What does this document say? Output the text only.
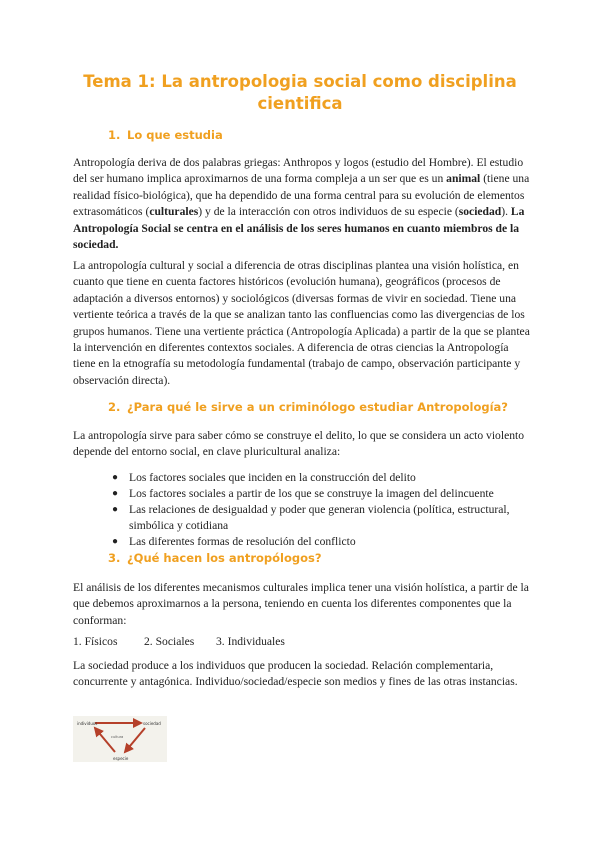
Tema 1: La antropologia social como disciplina cientifica
1. Lo que estudia

Antropología deriva de dos palabras griegas: Anthropos y logos (estudio del Hombre). El estudio del ser humano implica aproximarnos de una forma compleja a un ser que es un animal (tiene una realidad físico-biológica), que ha dependido de una forma central para su evolución de elementos extrasomáticos (culturales) y de la interacción con otros individuos de su especie (sociedad). La Antropología Social se centra en el análisis de los seres humanos en cuanto miembros de la sociedad.

La antropología cultural y social a diferencia de otras disciplinas plantea una visión holística, en cuanto que tiene en cuenta factores históricos (evolución humana), geográficos (procesos de adaptación a diversos entornos) y sociológicos (diversas formas de vivir en sociedad. Tiene una vertiente teórica a través de la que se analizan tanto las confluencias como las divergencias de los grupos humanos. Tiene una vertiente práctica (Antropología Aplicada) a partir de la que se plantea la intervención en diferentes contextos sociales. A diferencia de otras ciencias la Antropología tiene en la etnografía su metodología fundamental (trabajo de campo, observación participante y observación directa).

2. ¿Para qué le sirve a un criminólogo estudiar Antropología?

La antropología sirve para saber cómo se construye el delito, lo que se considera un acto violento depende del entorno social, en clave pluricultural analiza:

● Los factores sociales que inciden en la construcción del delito
● Los factores sociales a partir de los que se construye la imagen del delincuente
● Las relaciones de desigualdad y poder que generan violencia (política, estructural, simbólica y cotidiana
● Las diferentes formas de resolución del conflicto
3. ¿Qué hacen los antropólogos?

El análisis de los diferentes mecanismos culturales implica tener una visión holística, a partir de la que debemos aproximarnos a la persona, teniendo en cuenta los diferentes componentes que la conforman:

1. Físicos 2. Sociales 3. Individuales

La sociedad produce a los individuos que producen la sociedad. Relación complementaria, concurrente y antagónica. Individuo/sociedad/especie son medios y fines de las otras instancias.

individuos	sociedad
especie
cultura
